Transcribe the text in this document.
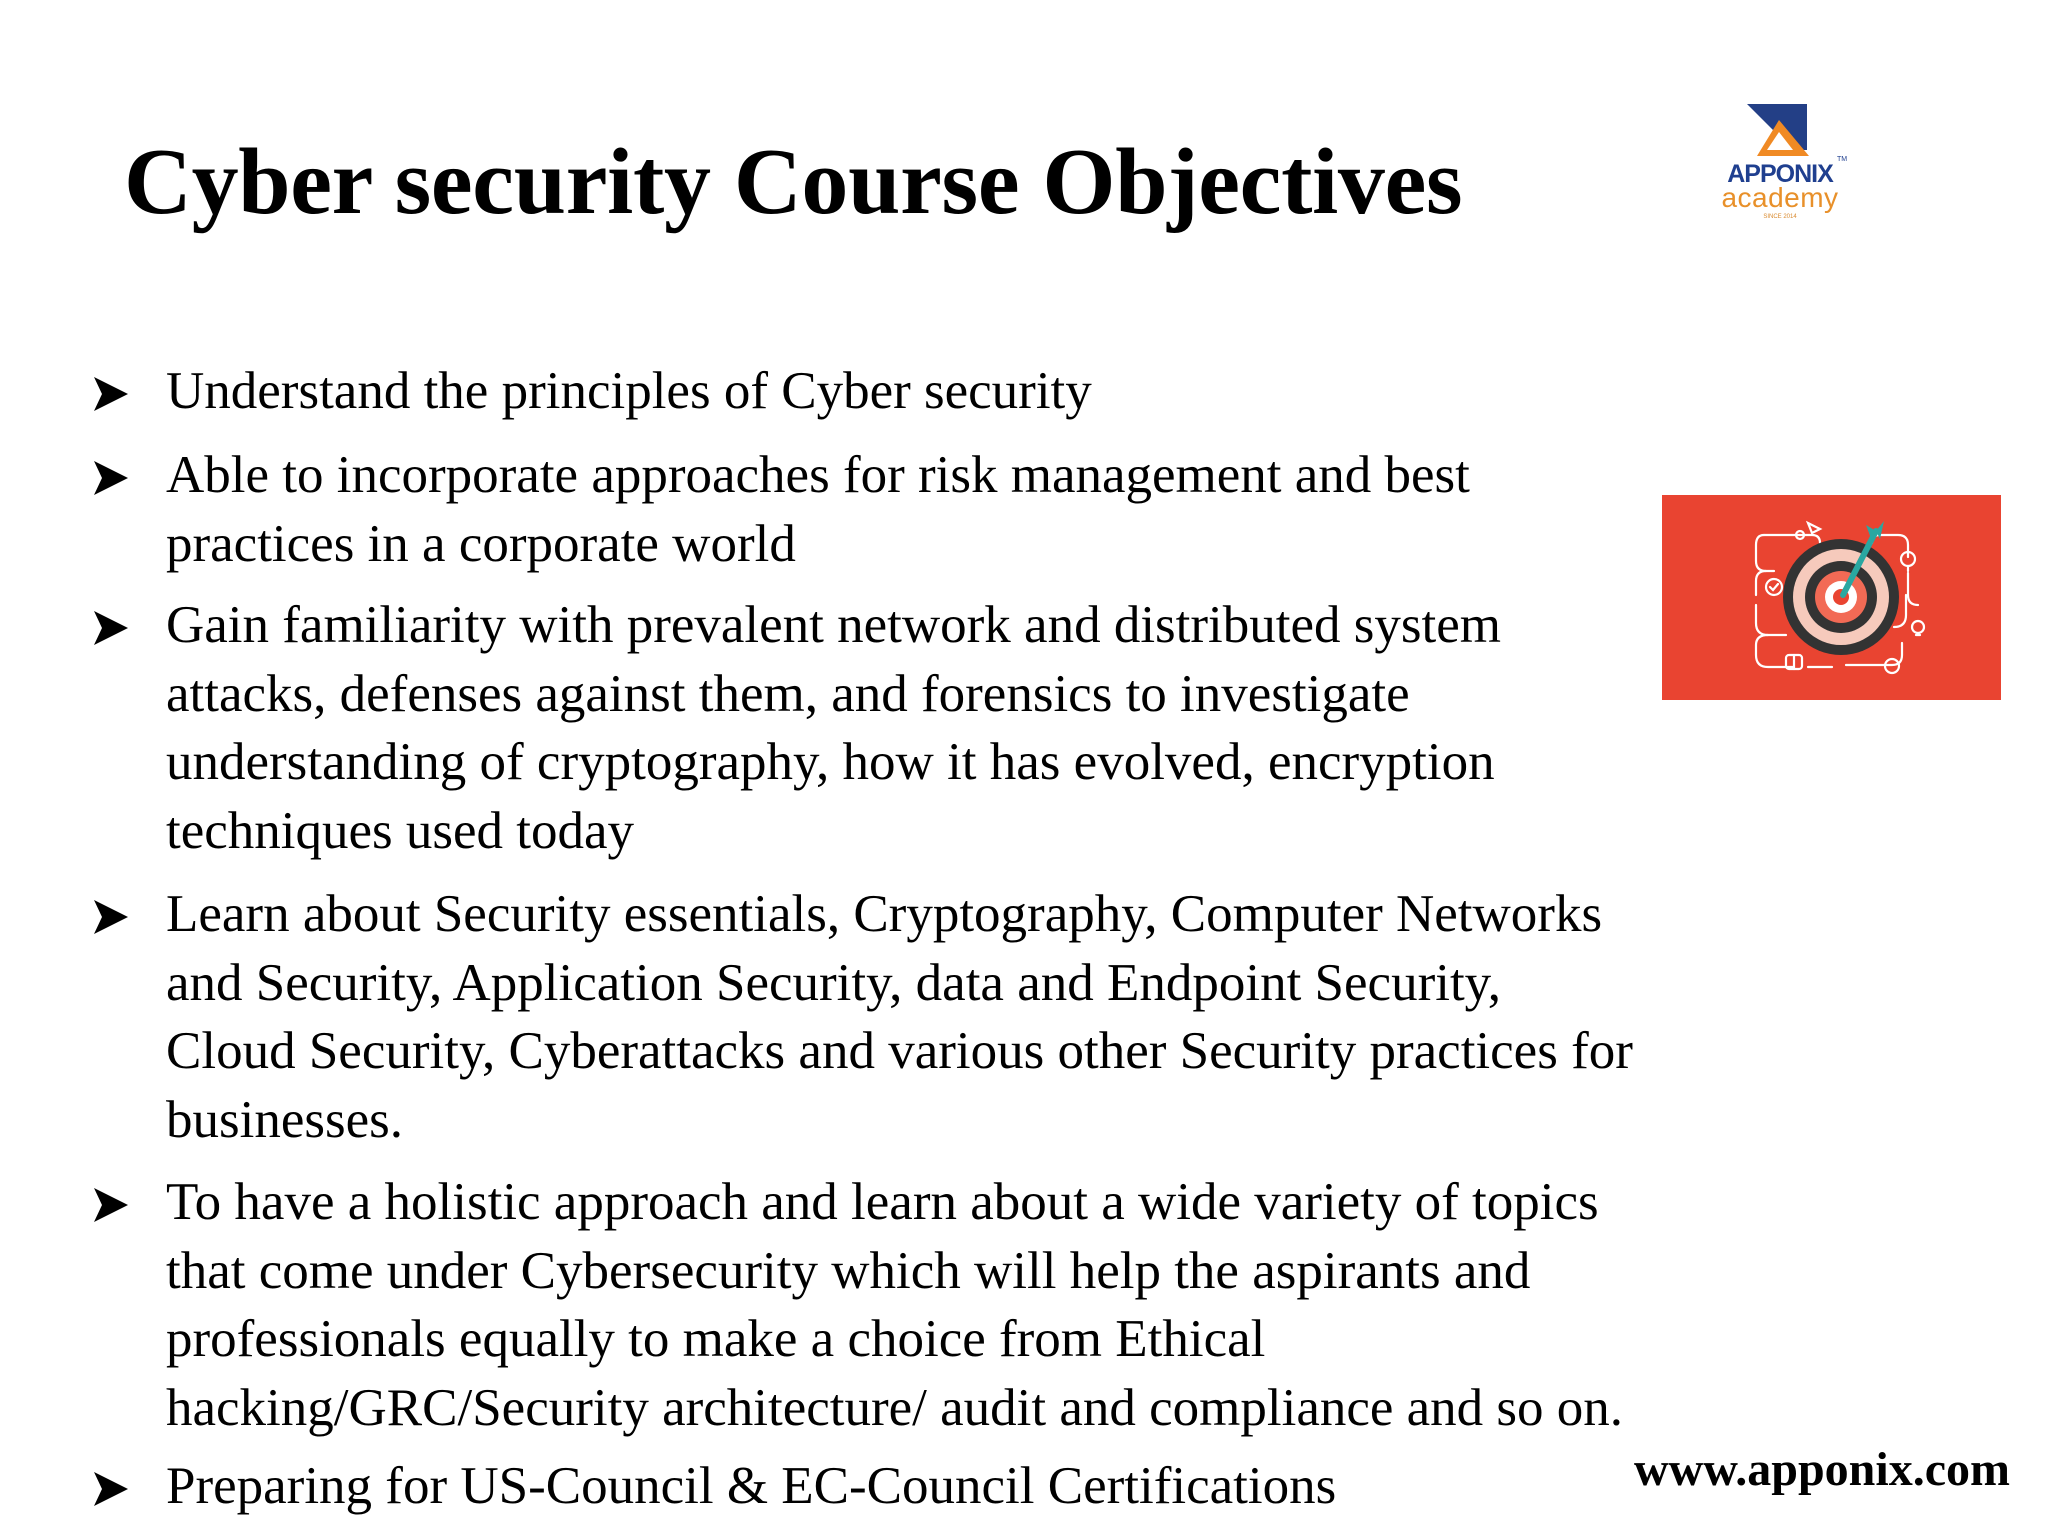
Cyber security Course Objectives	APPONIX
TM
academy
SINCE 2014
Understand the principles of Cyber security
Able to incorporate approaches for risk management and best
practices in a corporate world
Gain familiarity with prevalent network and distributed system
attacks, defenses against them, and forensics to investigate
understanding of cryptography, how it has evolved, encryption
techniques used today
Learn about Security essentials, Cryptography, Computer Networks
and Security, Application Security, data and Endpoint Security,
Cloud Security, Cyberattacks and various other Security practices for
businesses.
To have a holistic approach and learn about a wide variety of topics
that come under Cybersecurity which will help the aspirants and
professionals equally to make a choice from Ethical
hacking/GRC/Security architecture/ audit and compliance and so on.
Preparing for US-Council & EC-Council Certifications	www.apponix.com
